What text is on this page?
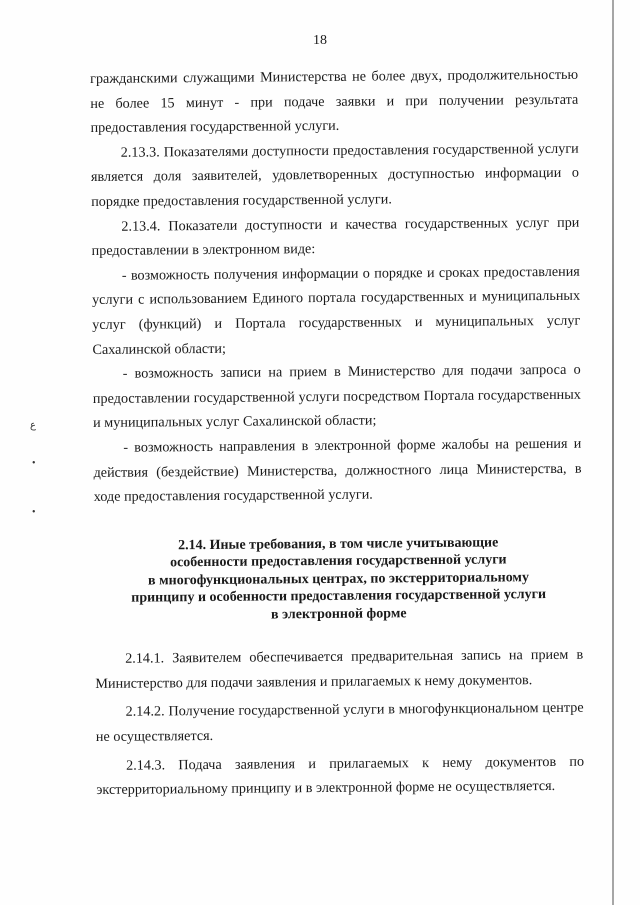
ع
•
•
18

гражданскими служащими Министерства не более двух, продолжительностью не более 15 минут - при подаче заявки и при получении результата предоставления государственной услуги.

2.13.3. Показателями доступности предоставления государственной услуги является доля заявителей, удовлетворенных доступностью информации о порядке предоставления государственной услуги.

2.13.4. Показатели доступности и качества государственных услуг при предоставлении в электронном виде:

- возможность получения информации о порядке и сроках предоставления услуги с использованием Единого портала государственных и муниципальных услуг (функций) и Портала государственных и муниципальных услуг Сахалинской области;

- возможность записи на прием в Министерство для подачи запроса о предоставлении государственной услуги посредством Портала государственных и муниципальных услуг Сахалинской области;

- возможность направления в электронной форме жалобы на решения и действия (бездействие) Министерства, должностного лица Министерства, в ходе предоставления государственной услуги.

2.14. Иные требования, в том числе учитывающие
особенности предоставления государственной услуги
в многофункциональных центрах, по экстерриториальному
принципу и особенности предоставления государственной услуги
в электронной форме

2.14.1. Заявителем обеспечивается предварительная запись на прием в Министерство для подачи заявления и прилагаемых к нему документов.

2.14.2. Получение государственной услуги в многофункциональном центре не осуществляется.

2.14.3. Подача заявления и прилагаемых к нему документов по экстерриториальному принципу и в электронной форме не осуществляется.
